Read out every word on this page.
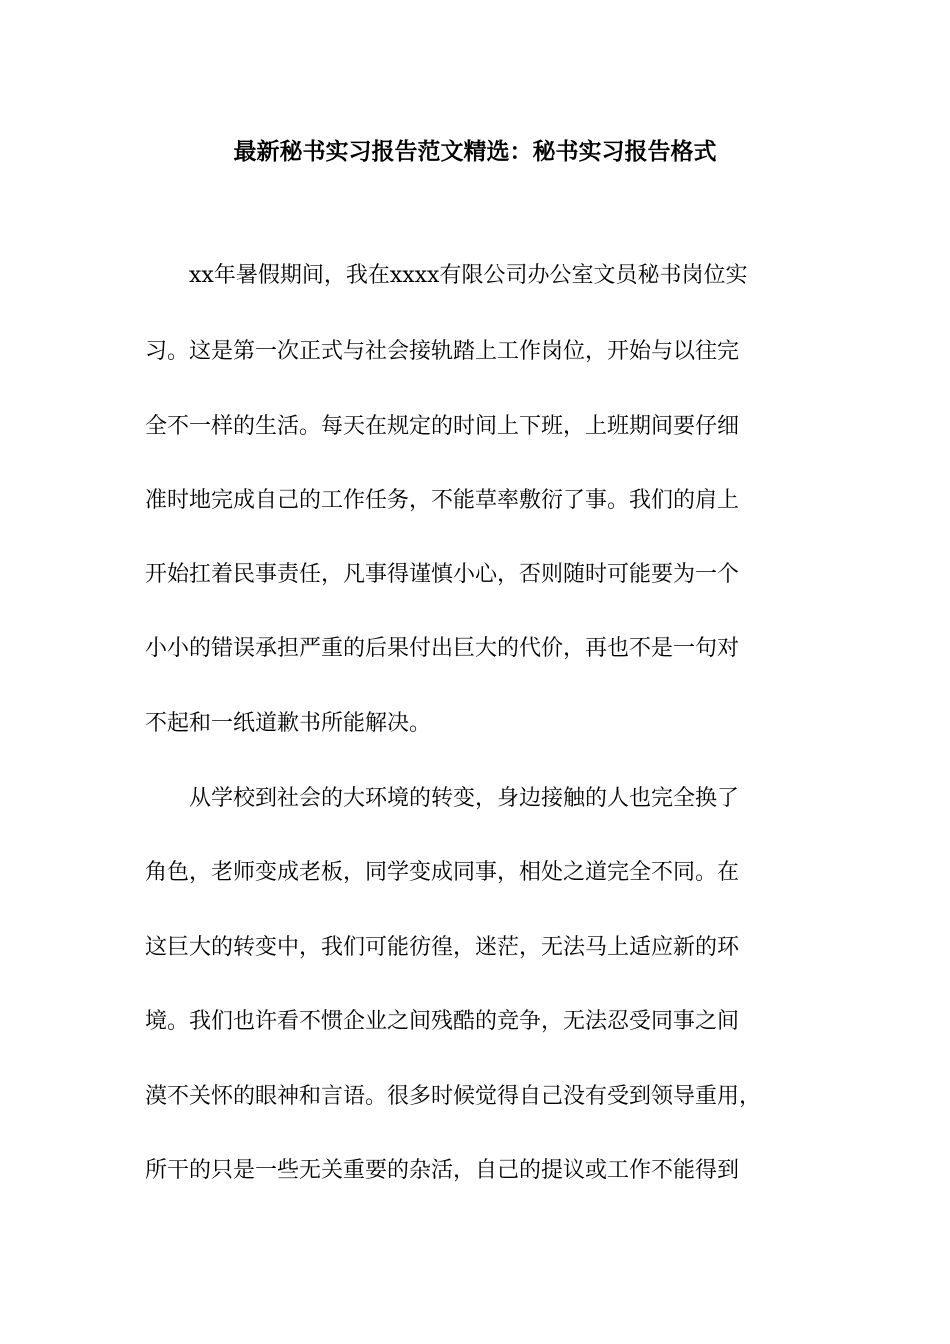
最新秘书实习报告范文精选：秘书实习报告格式
　　xx年暑假期间，我在xxxx有限公司办公室文员秘书岗位实
习。这是第一次正式与社会接轨踏上工作岗位，开始与以往完
全不一样的生活。每天在规定的时间上下班，上班期间要仔细
准时地完成自己的工作任务，不能草率敷衍了事。我们的肩上
开始扛着民事责任，凡事得谨慎小心，否则随时可能要为一个
小小的错误承担严重的后果付出巨大的代价，再也不是一句对
不起和一纸道歉书所能解决。
　　从学校到社会的大环境的转变，身边接触的人也完全换了
角色，老师变成老板，同学变成同事，相处之道完全不同。在
这巨大的转变中，我们可能彷徨，迷茫，无法马上适应新的环
境。我们也许看不惯企业之间残酷的竞争，无法忍受同事之间
漠不关怀的眼神和言语。很多时候觉得自己没有受到领导重用，
所干的只是一些无关重要的杂活，自己的提议或工作不能得到
